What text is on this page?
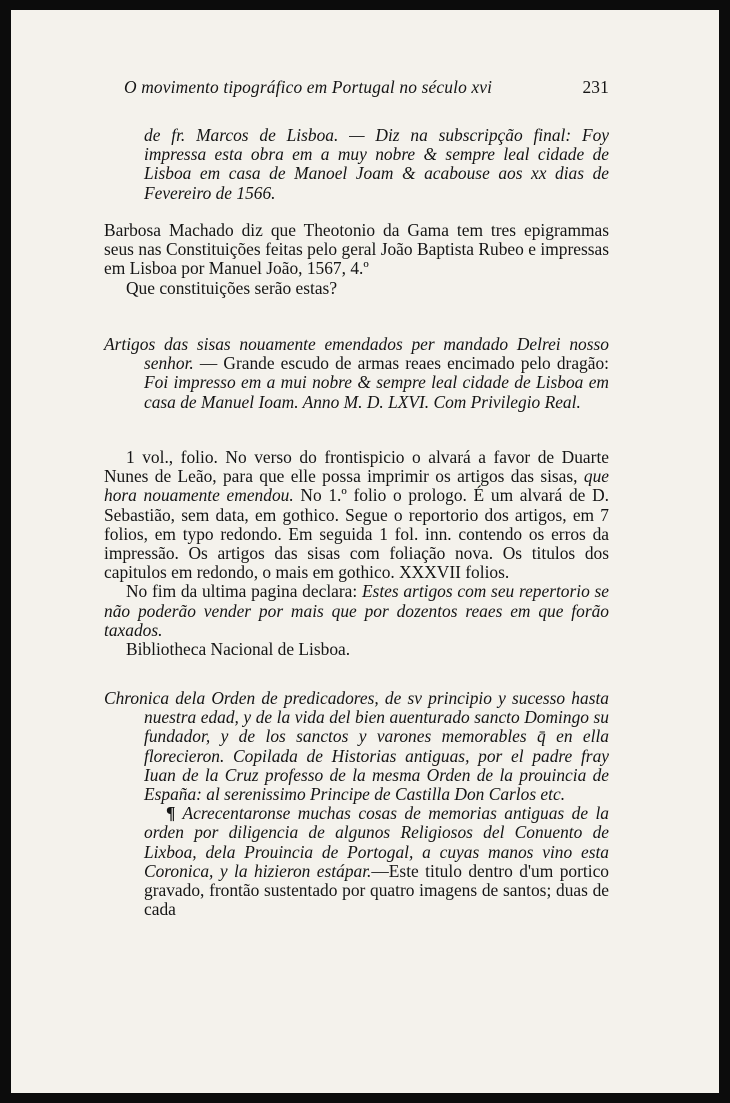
O movimento tipográfico em Portugal no século xvi	231
de fr. Marcos de Lisboa. — Diz na subscripção final: Foy impressa esta obra em a muy nobre & sempre leal cidade de Lisboa em casa de Manoel Joam & acabouse aos xx dias de Fevereiro de 1566.

Barbosa Machado diz que Theotonio da Gama tem tres epigrammas seus nas Constituições feitas pelo geral João Baptista Rubeo e impressas em Lisboa por Manuel João, 1567, 4.º

Que constituições serão estas?

Artigos das sisas nouamente emendados per mandado Delrei nosso senhor. — Grande escudo de armas reaes encimado pelo dragão: Foi impresso em a mui nobre & sempre leal cidade de Lisboa em casa de Manuel Ioam. Anno M. D. LXVI. Com Privilegio Real.

1 vol., folio. No verso do frontispicio o alvará a favor de Duarte Nunes de Leão, para que elle possa imprimir os artigos das sisas, que hora nouamente emendou. No 1.º folio o prologo. É um alvará de D. Sebastião, sem data, em gothico. Segue o reportorio dos artigos, em 7 folios, em typo redondo. Em seguida 1 fol. inn. contendo os erros da impressão. Os artigos das sisas com foliação nova. Os titulos dos capitulos em redondo, o mais em gothico. XXXVII folios.

No fim da ultima pagina declara: Estes artigos com seu repertorio se não poderão vender por mais que por dozentos reaes em que forão taxados.

Bibliotheca Nacional de Lisboa.

Chronica dela Orden de predicadores, de sv principio y sucesso hasta nuestra edad, y de la vida del bien auenturado sancto Domingo su fundador, y de los sanctos y varones memorables q̄ en ella florecieron. Copilada de Historias antiguas, por el padre fray Iuan de la Cruz professo de la mesma Orden de la prouincia de España: al serenissimo Principe de Castilla Don Carlos etc.

¶ Acrecentaronse muchas cosas de memorias antiguas de la orden por diligencia de algunos Religiosos del Conuento de Lixboa, dela Prouincia de Portogal, a cuyas manos vino esta Coronica, y la hizieron estápar.—Este titulo dentro d'um portico gravado, frontão sustentado por quatro imagens de santos; duas de cada
